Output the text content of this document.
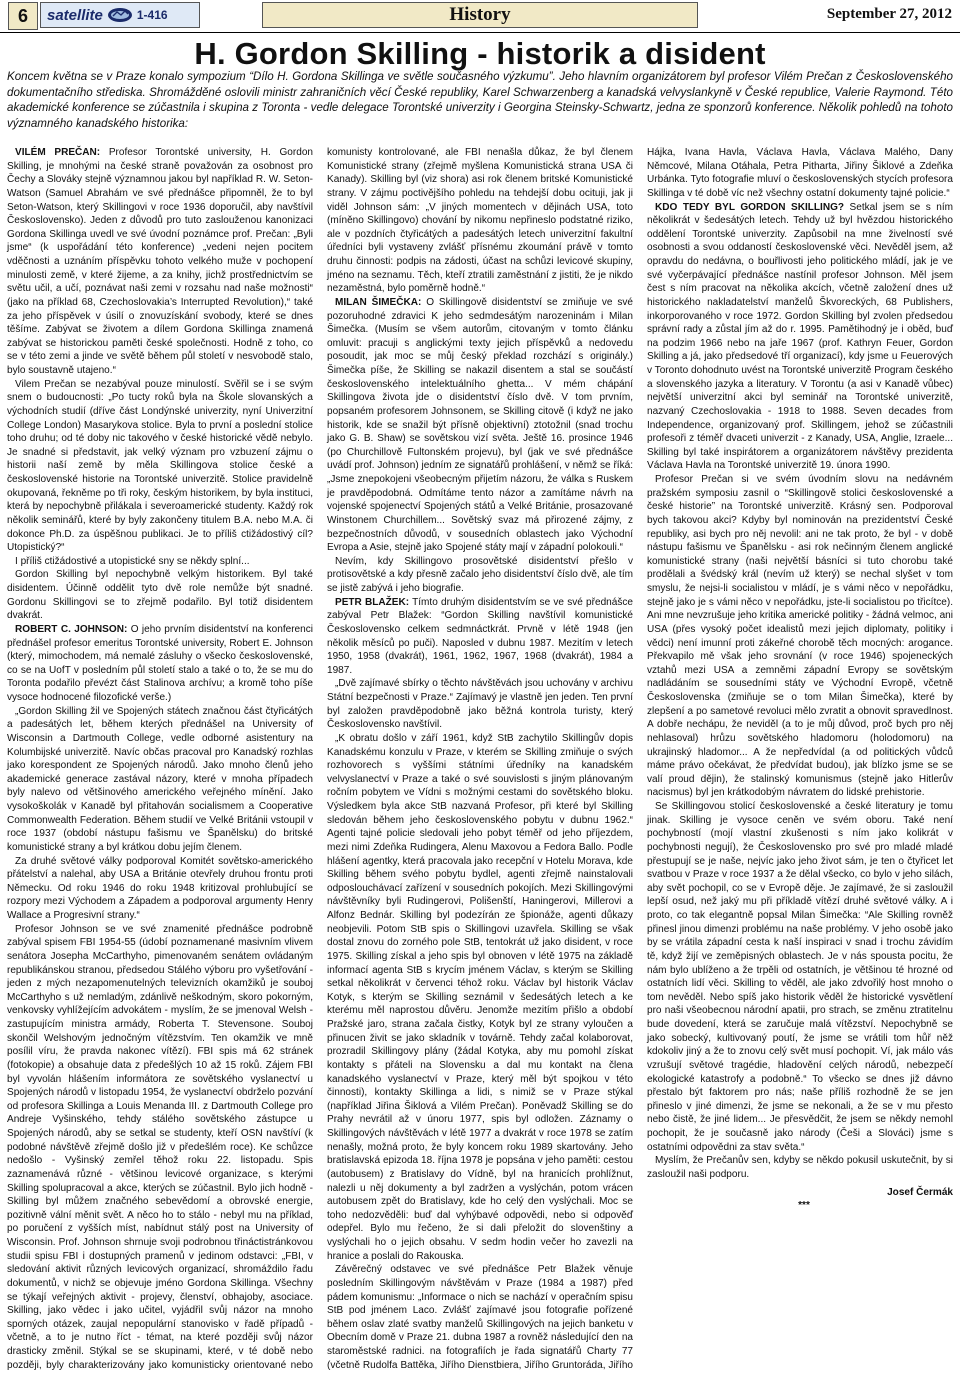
6	satellite	1-416	History	September 27, 2012
H. Gordon Skilling - historik a disident

Koncem května se v Praze konalo sympozium “Dílo H. Gordona Skillinga ve světle současného výzkumu”. Jeho hlavním organizátorem byl profesor Vilém Prečan z Československého dokumentačního střediska. Shromážděné oslovili ministr zahraničních věcí České republiky, Karel Schwarzenberg a kanadská velvyslankyně v České republice, Valerie Raymond. Této akademické konference se zúčastnila i skupina z Toronta - vedle delegace Torontské univerzity i Georgina Steinsky-Schwartz, jedna ze sponzorů konference. Několik pohledů na tohoto významného kanadského historika:

VILÉM PREČAN: Profesor Torontské university, H. Gordon Skilling, je mnohými na české straně považován za osobnost pro Čechy a Slováky stejně významnou jakou byl například R. W. Seton-Watson (Samuel Abrahám ve své přednášce připomněl, že to byl Seton-Watson, který Skillingovi v roce 1936 doporučil, aby navštívil Československo). Jeden z důvodů pro tuto zaslouženou kanonizaci Gordona Skillinga uvedl ve své úvodní poznámce prof. Prečan: „Byli jsme“ (k uspořádání této konference) „vedeni nejen pocitem vděčnosti a uznáním příspěvku tohoto velkého muže v pochopení minulosti země, v které žijeme, a za knihy, jichž prostřednictvím se světu učil, a učí, poznávat naši zemi v rozsahu nad naše možnosti“ (jako na příklad 68, Czechoslovakia’s Interrupted Revolution),“ také za jeho příspěvek v úsilí o znovuzískání svobody, které se dnes těšíme. Zabývat se životem a dílem Gordona Skillinga znamená zabývat se historickou paměti české společnosti. Hodně z toho, co se v této zemi a jinde ve světě během půl století v nesvobodě stalo, bylo soustavně utajeno.“

Vilem Prečan se nezabýval pouze minulostí. Svěřil se i se svým snem o budoucnosti: „Po tucty roků byla na Škole slovanských a východních studií (dříve část Londýnské univerzity, nyní Univerzitní College London) Masarykova stolice. Byla to první a poslední stolice toho druhu; od té doby nic takového v české historické vědě nebylo. Je snadné si představit, jak velký význam pro vzbuzení zájmu o historii naší země by měla Skillingova stolice české a československé historie na Torontské univerzitě. Stolice pravidelně okupovaná, řekněme po tři roky, českým historikem, by byla instituci, která by nepochybně přilákala i severoamerické studenty. Každý rok několik seminářů, které by byly zakončeny titulem B.A. nebo M.A. či dokonce Ph.D. za úspěšnou publikaci. Je to příliš ctižádostivý cíl? Utopistický?“

I příliš ctižádostivé a utopistické sny se někdy splní...

Gordon Skilling byl nepochybně velkým historikem. Byl také disidentem. Účinně oddělit tyto dvě role nemůže být snadné. Gordonu Skillingovi se to zřejmě podařilo. Byl totiž disidentem dvakrát.

ROBERT C. JOHNSON: O jeho prvním disidentství na konferenci přednášel profesor emeritus Torontské university, Robert E. Johnson (který, mimochodem, má nemalé zásluhy o všecko československé, co se na UofT v posledním půl století stalo a také o to, že se mu do Toronta podařilo převézt část Stalinova archívu; a kromě toho píše vysoce hodnocené filozofické verše.)

„Gordon Skilling žil ve Spojených státech značnou část čtyřicátých a padesátých let, během kterých přednášel na University of Wisconsin a Dartmouth College, vedle odborné asistentury na Kolumbijské univerzitě. Navíc občas pracoval pro Kanadský rozhlas jako korespondent ze Spojených národů. Jako mnoho členů jeho akademické generace zastával názory, které v mnoha případech byly nalevo od většinového amerického veřejného mínění. Jako vysokoškolák v Kanadě byl přitahován socialismem a Cooperative Commonwealth Federation. Během studií ve Velké Británii vstoupil v roce 1937 (období nástupu fašismu ve Španělsku) do britské komunistické strany a byl krátkou dobu jejím členem.

Za druhé světové války podporoval Komitét sovětsko-amerického přátelství a nalehal, aby USA a Británie otevřely druhou frontu proti Německu. Od roku 1946 do roku 1948 kritizoval prohlubující se rozpory mezi Východem a Západem a podporoval argumenty Henry Wallace a Progresivní strany.“

Profesor Johnson se ve své znamenité přednášce podrobně zabýval spisem FBI 1954-55 (údobí poznamenané masivním vlivem senátora Josepha McCarthyho, pimenovaném senátem ovládaným republikánskou stranou, předsedou Stálého výboru pro vyšetřování - jeden z mých nezapomenutelných televizních okamžiků je souboj McCarthyho s už nemladým, zdánlivě neškodným, skoro pokorným, venkovsky vyhlížejícím advokátem - myslím, že se jmenoval Welsh - zastupujícím ministra armády, Roberta T. Stevensone. Souboj skončil Welshovým jednočným vítězstvím. Ten okamžik ve mně posílil víru, že pravda nakonec vítězí). FBI spis má 62 stránek (fotokopie) a obsahuje data z předešlých 10 až 15 roků. Zájem FBI byl vyvolán hlášením informátora ze sovětského vyslanectví u Spojených národů v listopadu 1954, že vyslanectví obdrželo pozvání od profesora Skillinga a Louis Menanda III. z Dartmouth College pro Andreje Vyšinského, tehdy stálého sovětského zástupce u Spojených národů, aby se setkal se studenty, kteří OSN navštíví (k podobné návštěvě zřejmě došlo již v předešlém roce). Ke schůzce nedošlo - Vyšinský zemřel těhož roku 22. listopadu. Spis zaznamenává různé - většinou levicové organizace, s kterými Skilling spolupracoval a akce, kterých se zúčastnil. Bylo jich hodně - Skilling byl můžem značného sebevědomí a obrovské energie, pozitivně vální měnit svět. A něco ho to stálo - nebyl mu na příklad, po poručení z vyšších míst, nabídnut stálý post na University of Wisconsin. Prof. Johnson shrnuje svoji podrobnou třináctistránkovou studii spisu FBI i dostupných pramenů v jedinom odstavci: „FBI, v sledování aktivit různých levicových organizací, shromáždilo řadu dokumentů, v nichž se objevuje jméno Gordona Skillinga. Všechny se týkají veřejných aktivit - projevy, členství, obhajoby, asociace. Skilling, jako vědec i jako učitel, vyjádřil svůj názor na mnoho sporných otázek, zaujal nepopulární stanovisko v řadě případů - včetně, a to je nutno říct - témat, na které později svůj názor drasticky změnil. Stýkal se se skupinami, které, v té době nebo později, byly charakterizovány jako komunisticky orientované nebo komunisty kontrolované, ale FBI nenašla důkaz, že byl členem Komunistické strany (zřejmě myšlena Komunistická strana USA či Kanady). Skilling byl (viz shora) asi rok členem britské Komunistické strany. V zájmu poctivějšího pohledu na tehdejší dobu ocituji, jak ji viděl Johnson sám: „V jiných momentech v dějinách USA, toto (míněno Skillingovo) chování by nikomu nepřineslo podstatné riziko, ale v pozdních čtyřicátých a padesátých letech univerzitní fakultní úředníci byli vystaveny zvlášť přísnému zkoumání právě v tomto druhu činnosti: podpis na zádosti, účast na schůzi levicové skupiny, jméno na seznamu. Těch, kteří ztratili zaměstnání z jistiti, že je nikdo nezaměstná, bylo poměrně hodně.“

MILAN ŠIMEČKA: O Skillingově disidentství se zmiňuje ve své pozoruhodné zdravici K jeho sedmdesátým narozeninám i Milan Šimečka. (Musím se všem autorům, citovaným v tomto článku omluvit: pracuji s anglickými texty jejich příspěvků a nedovedu posoudit, jak moc se můj český překlad rozchází s originály.) Šimečka píše, že Skilling se nakazil disentem a stal se součástí československého intelektuálního ghetta... V mém chápání Skillingova života jde o disidentství číslo dvě. V tom prvním, popsaném profesorem Johnsonem, se Skilling citově (i když ne jako historik, kde se snažil být přísně objektivní) ztotožnil (snad trochu jako G. B. Shaw) se sovětskou vizí světa. Ještě 16. prosince 1946 (po Churchillově Fultonském projevu), byl (jak ve své přednášce uvádí prof. Johnson) jedním ze signatářů prohlášení, v němž se říká: „Jsme znepokojeni všeobecným přijetím názoru, že válka s Ruskem je pravděpodobná. Odmítáme tento názor a zamítáme návrh na vojenské spojenectví Spojených států a Velké Británie, prosazované Winstonem Churchillem... Sovětský svaz má přirozené zájmy, z bezpečnostních důvodů, v sousedních oblastech jako Východní Evropa a Asie, stejně jako Spojené státy mají v západní polokouli.“

Nevím, kdy Skillingovo prosovětské disidentství přešlo v protisovětské a kdy přesně začalo jeho disidentství číslo dvě, ale tím se jistě zabývá i jeho biografie.

PETR BLAŽEK: Tímto druhým disidentstvím se ve své přednášce zabýval Petr Blažek: “Gordon Skilling navštívil komunistické Československo celkem sedmnáctkrát. Prvně v létě 1948 (jen několik měsíců po puči). Naposled v dubnu 1987. Mezitím v letech 1950, 1958 (dvakrát), 1961, 1962, 1967, 1968 (dvakrát), 1984 a 1987.

„Dvě zajímavé sbírky o těchto návštěvách jsou uchovány v archivu Státní bezpečnosti v Praze.“ Zajímavý je vlastně jen jeden. Ten první byl založen pravděpodobně jako běžná kontrola turisty, který Československo navštívil.

„K obratu došlo v září 1961, když StB zachytilo Skillingův dopis Kanadskému konzulu v Praze, v kterém se Skilling zmiňuje o svých rozhovorech s vyššími státními úředníky na kanadském velvyslanectví v Praze a také o své souvislosti s jiným plánovaným ročním pobytem ve Vídni s možnými cestami do sovětského bloku. Výsledkem byla akce StB nazvaná Profesor, při které byl Skilling sledován během jeho československého pobytu v dubnu 1962.“ Agenti tajné policie sledovali jeho pobyt téměř od jeho příjezdem, mezi nimi Zdeňka Rudingera, Alenu Maxovou a Fedora Ballo. Podle hlášení agentky, která pracovala jako recepční v Hotelu Morava, kde Skilling během svého pobytu bydlel, agenti zřejmě nainstalovali odposlouchávací zařízení v sousedních pokojích. Mezi Skillingovými návštěvníky byli Rudingerovi, Polišenští, Haningerovi, Millerovi a Alfonz Bednár. Skilling byl podezírán ze špionáže, agenti důkazy neobjevili. Potom StB spis o Skillingovi uzavřela. Skilling se však dostal znovu do zorného pole StB, tentokrát už jako disident, v roce 1975. Skilling získal a jeho spis byl obnoven v létě 1975 na základě informací agenta StB s krycím jménem Václav, s kterým se Skilling setkal několikrát v červenci téhož roku. Václav byl historik Václav Kotyk, s kterým se Skilling seznámil v šedesátých letech a ke kterému měl naprostou důvěru. Jenomže mezitím přišlo a období Pražské jaro, strana začala čistky, Kotyk byl ze strany vyloučen a přinucen živit se jako skladník v továrně. Tehdy začal kolaborovat, prozradil Skillingovy plány (žádal Kotyka, aby mu pomohl získat kontakty s přáteli na Slovensku a dal mu kontakt na člena kanadského vyslanectví v Praze, který měl být spojkou v této činnosti), kontakty Skillinga a lidi, s nimiž se v Praze stýkal (například Jiřina Šiklová a Vilém Prečan). Poněvadž Skilling se do Prahy nevrátil až v únoru 1977, spis byl odložen. Záznamy o Skillingových návštěvách v létě 1977 a dvakrát v roce 1978 se zatím nenašly, možná proto, že byly koncem roku 1989 skartovány. Jeho bratislavská epizoda 18. října 1978 je popsána v jeho paměti: cestou (autobusem) z Bratislavy do Vídně, byl na hranicích prohlížnut, nalezli u něj dokumenty a byl zadržen a vyslýchán, potom vrácen autobusem zpět do Bratislavy, kde ho celý den vyslýchali. Moc se toho nedozvěděli: buď dal vyhýbavé odpovědi, nebo si odpověď odepřel. Bylo mu řečeno, že si dali přeložit do slovenštiny a vyslýchali ho o jejich obsahu. V sedm hodin večer ho zavezli na hranice a poslali do Rakouska.

Závěrečný odstavec ve své přednášce Petr Blažek věnuje posledním Skillingovým návštěvám v Praze (1984 a 1987) před pádem komunismu: „Informace o nich se nachází v operačním spisu StB pod jménem Laco. Zvlášť zajímavé jsou fotografie pořízené během oslav zlaté svatby manželů Skillingových na jejich banketu v Obecním domě v Praze 21. dubna 1987 a rovněž následující den na staroměstské radnici. na fotografiích je řada signatářů Charty 77 (včetně Rudolfa Battěka, Jiřího Dienstbiera, Jiřího Gruntoráda, Jiřího Hájka, Ivana Havla, Václava Havla, Václava Malého, Dany Němcové, Milana Otáhala, Petra Pitharta, Jiřiny Šiklové a Zdeňka Urbánka. Tyto fotografie mluví o československých stycích profesora Skillinga v té době víc než všechny ostatní dokumenty tajné policie.“

KDO TEDY BYL GORDON SKILLING? Setkal jsem se s ním několikrát v šedesátých letech. Tehdy už byl hvězdou historického oddělení Torontské univerzity. Zapůsobil na mne živelností své osobnosti a svou oddaností československé věci. Nevěděl jsem, až opravdu do nedávna, o bouřlivosti jeho politického mládí, jak je ve své vyčerpávající přednášce nastínil profesor Johnson. Měl jsem čest s ním pracovat na několika akcích, včetně založení dnes už historického nakladatelství manželů Škvoreckých, 68 Publishers, inkorporovaného v roce 1972. Gordon Skilling byl zvolen předsedou správní rady a zůstal jím až do r. 1995. Pamětihodný je i oběd, buď na podzim 1966 nebo na jaře 1967 (prof. Kathryn Feuer, Gordon Skilling a já, jako předsedové tří organizací), kdy jsme u Feuerových v Toronto dohodnuto uvést na Torontské univerzitě Program českého a slovenského jazyka a literatury. V Torontu (a asi v Kanadě vůbec) největší univerzitní akci byl seminář na Torontské univerzitě, nazvaný Czechoslovakia - 1918 to 1988. Seven decades from Independence, organizovaný prof. Skillingem, jehož se zúčastnili profesoři z téměř dvaceti univerzit - z Kanady, USA, Anglie, Izraele... Skilling byl také inspirátorem a organizátorem návštěvy prezidenta Václava Havla na Torontské univerzitě 19. února 1990.

Profesor Prečan si ve svém úvodním slovu na nedávném pražském symposiu zasnil o “Skillingově stolici československé a české historie” na Torontské univerzitě. Krásný sen. Podporoval bych takovou akci? Kdyby byl nominován na prezidentství České republiky, asi bych pro něj nevolil: ani ne tak proto, že byl - v době nástupu fašismu ve Španělsku - asi rok nečinným členem anglické komunistické strany (naši největší básníci si tuto chorobu také prodělali a švédský král (nevím už který) se nechal slyšet v tom smyslu, že nejsi-li socialistou v mládí, je s vámi něco v nepořádku, stejně jako je s vámi něco v nepořádku, jste-li socialistou po třicítce). Ani mne nevzrušuje jeho kritika americké politiky - žádná velmoc, ani USA (přes vysoký počet idealistů mezi jejich diplomaty, politiky i vědci) není imunní proti zákeřné chorobě těch mocných: arogance. Překvapilo mě však jeho srovnání (v roce 1946) spojeneckých vztahů mezi USA a zemněmi západní Evropy se sovětským nadládáním se sousedními státy ve Východní Evropě, včetně Československa (zmiňuje se o tom Milan Šimečka), které by zlepšení a po sametové revoluci mělo zvratit a obnovit spravedlnost. A dobře nechápu, že neviděl (a to je můj důvod, proč bych pro něj nehlasoval) hrůzu sovětského hladomoru (holodomoru) na ukrajinský hladomor... A že nepředvídal (a od politických vůdců máme právo očekávat, že předvídat budou), jak blízko jsme se se valí proud dějin), že stalinský komunismus (stejně jako Hitlerův nacismus) byl jen krátkodobým návratem do lidské prehistorie.

Se Skillingovou stolicí československé a české literatury je tomu jinak. Skilling je vysoce ceněn ve svém oboru. Také není pochybností (mojí vlastní zkušenosti s ním jako kolikrát v pochybnosti negují), že Československo pro své pro mladé mladé přestupují se je naše, nejvíc jako jeho život sám, je ten o čtyřicet let svatbou v Praze v roce 1937 a že dělal všecko, co bylo v jeho silách, aby svět pochopil, co se v Evropě děje. Je zajímavé, že si zasloužil lepší osud, než jaký mu při příkladě vítězí druhé světové války. A i proto, co tak elegantně popsal Milan Šimečka: “Ale Skilling rovněž přinesl jinou dimenzi problému na naše problémy. V jeho osobě jako by se vrátila západní cesta k naší inspiraci v snad i trochu závidím tě, když žijí ve zeměpisných oblastech. Je v nás spousta pocitu, že nám bylo ublíženo a že trpěli od ostatních, je většinou té hrozné od ostatních lidí věci. Skilling to věděl, ale jako zdvořilý host mnoho o tom nevěděl. Nebo spíš jako historik věděl že historické vysvětlení pro naši všeobecnou národní apatii, pro strach, se změnu ztratitelnu bude dovedení, která se zaručuje malá vítězství. Nepochybně se jako sobecký, kultivovaný poutí, že jsme se vrátili tom hůř něž kdokoliv jiný a že to znovu celý svět musí pochopit. Ví, jak málo vás vzrušují světové tragédie, hladovění celých národů, nebezpečí ekologické katastrofy a podobně.“ To všecko se dnes již dávno přestalo být faktorem pro nás; naše příliš rozhodně že se jen přineslo v jiné dimenzi, že jsme se nekonali, a že se v mu přesto nebo čistě, že jiné lidem... Je přesvědčit, že jsem se někdy nemohl pochopit, že je současně jako národy (Češi a Slováci) jsme s ostatními odpovědni za stav světa.“

Myslím, že Prečanův sen, kdyby se někdo pokusil uskutečnit, by si zasloužil naši podporu.

Josef Čermák

***
